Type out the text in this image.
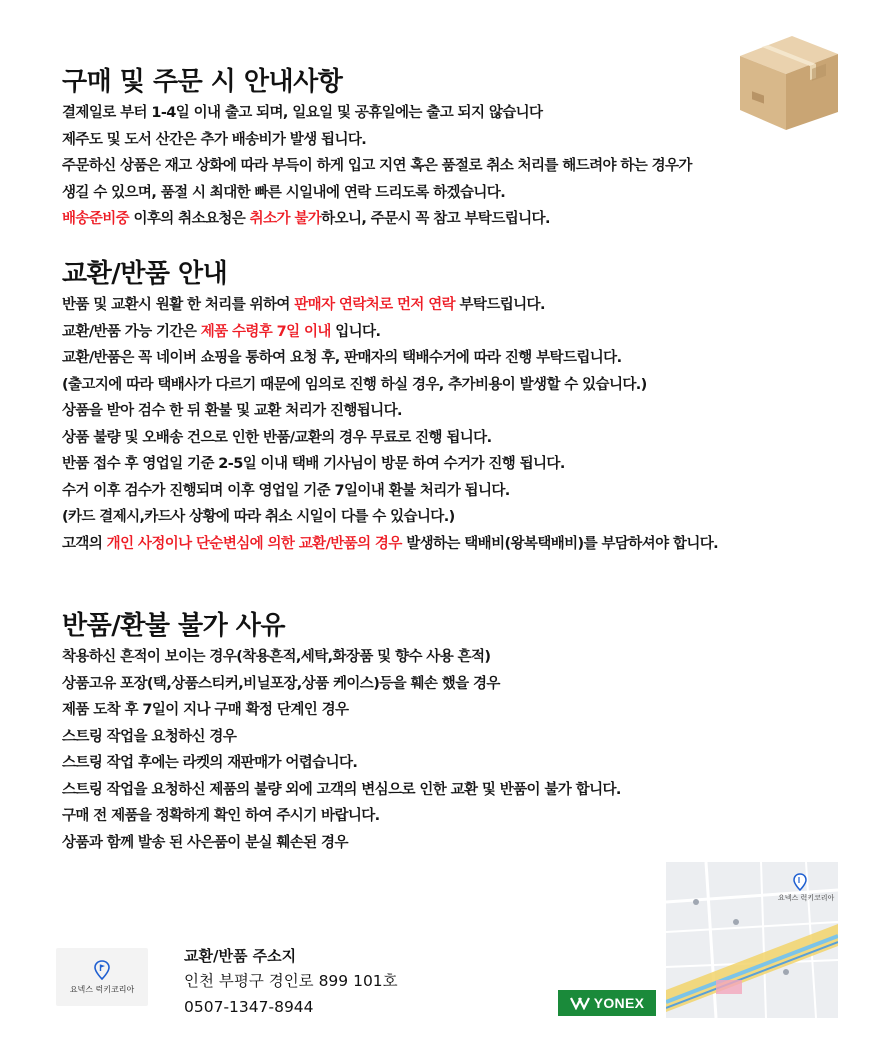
구매 및 주문 시 안내사항
결제일로 부터 1-4일 이내 출고 되며, 일요일 및 공휴일에는 출고 되지 않습니다
제주도 및 도서 산간은 추가 배송비가 발생 됩니다.
주문하신 상품은 재고 상화에 따라 부득이 하게 입고 지연 혹은 품절로 취소 처리를 해드려야 하는 경우가
생길 수 있으며, 품절 시 최대한 빠른 시일내에 연락 드리도록 하겠습니다.
배송준비중 이후의 취소요청은 취소가 불가하오니, 주문시 꼭 참고 부탁드립니다.
교환/반품 안내
반품 및 교환시 원활 한 처리를 위하여 판매자 연락처로 먼저 연락 부탁드립니다.
교환/반품 가능 기간은 제품 수령후 7일 이내 입니다.
교환/반품은 꼭 네이버 쇼핑을 통하여 요청 후, 판매자의 택배수거에 따라 진행 부탁드립니다.
(출고지에 따라 택배사가 다르기 때문에 임의로 진행 하실 경우, 추가비용이 발생할 수 있습니다.)
상품을 받아 검수 한 뒤 환불 및 교환 처리가 진행됩니다.
상품 불량 및 오배송 건으로 인한 반품/교환의 경우 무료로 진행 됩니다.
반품 접수 후 영업일 기준 2-5일 이내 택배 기사님이 방문 하여 수거가 진행 됩니다.
수거 이후 검수가 진행되며 이후 영업일 기준 7일이내 환불 처리가 됩니다.
(카드 결제시,카드사 상황에 따라 취소 시일이 다를 수 있습니다.)
고객의 개인 사정이나 단순변심에 의한 교환/반품의 경우 발생하는 택배비(왕복택배비)를 부담하셔야 합니다.
반품/환불 불가 사유
착용하신 흔적이 보이는 경우(착용흔적,세탁,화장품 및 향수 사용 흔적)
상품고유 포장(택,상품스티커,비닐포장,상품 케이스)등을 훼손 했을 경우
제품 도착 후 7일이 지나 구매 확정 단계인 경우
스트링 작업을 요청하신 경우
스트링 작업 후에는 라켓의 재판매가 어렵습니다.
스트링 작업을 요청하신 제품의 불량 외에 고객의 변심으로 인한 교환 및 반품이 불가 합니다.
구매 전 제품을 정확하게 확인 하여 주시기 바랍니다.
상품과 함께 발송 된 사은품이 분실 훼손된 경우
요넥스 럭키코리아
교환/반품 주소지
인천 부평구 경인로 899 101호
0507-1347-8944	YONEX
요넥스 럭키코리아
